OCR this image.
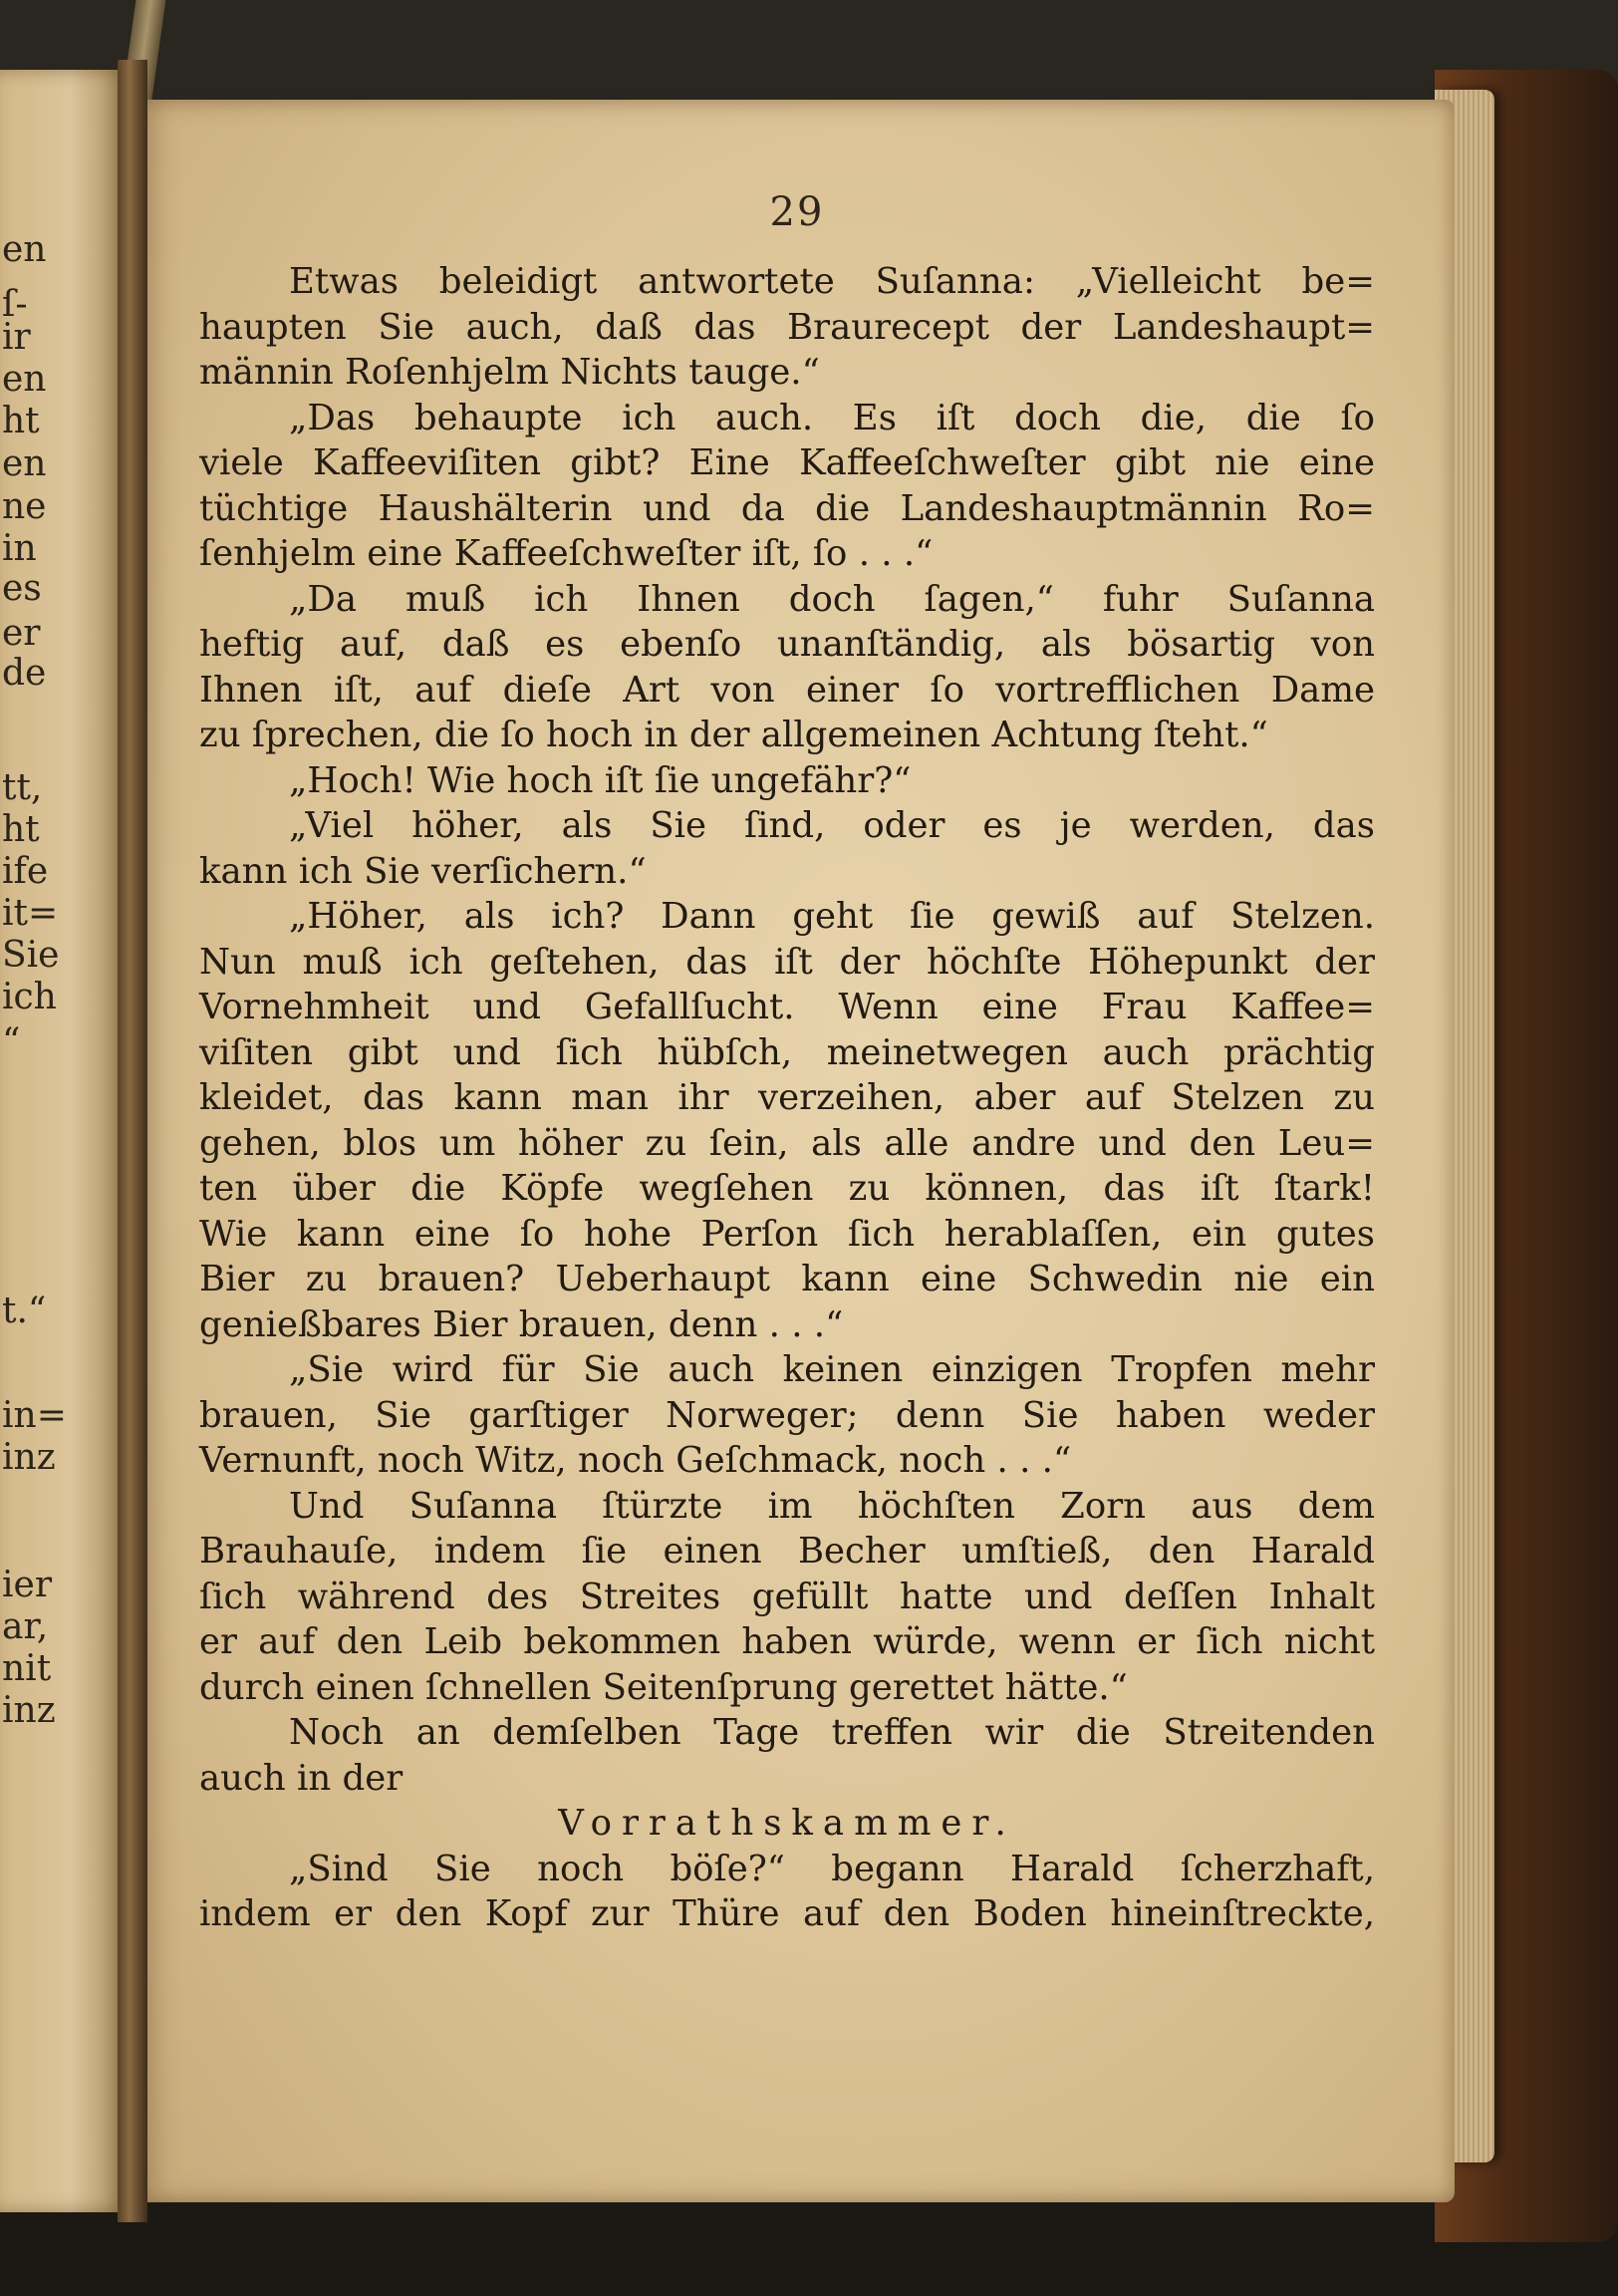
en
ſ-
ir
en
ht
en
ne
in
es
er
de
tt,
ht
ife
it=
Sie
ich
“
t.“
in=
inz
ier
ar,
nit
inz
29
Etwas beleidigt antwortete Suſanna: „Vielleicht be=
haupten Sie auch, daß das Braurecept der Landeshaupt=
männin Roſenhjelm Nichts tauge.“
„Das behaupte ich auch. Es iſt doch die, die ſo
viele Kaffeeviſiten gibt? Eine Kaffeeſchweſter gibt nie eine
tüchtige Haushälterin und da die Landeshauptmännin Ro=
ſenhjelm eine Kaffeeſchweſter iſt, ſo . . .“
„Da muß ich Ihnen doch ſagen,“ fuhr Suſanna
heftig auf, daß es ebenſo unanſtändig, als bösartig von
Ihnen iſt, auf dieſe Art von einer ſo vortrefflichen Dame
zu ſprechen, die ſo hoch in der allgemeinen Achtung ſteht.“
„Hoch! Wie hoch iſt ſie ungefähr?“
„Viel höher, als Sie ſind, oder es je werden, das
kann ich Sie verſichern.“
„Höher, als ich? Dann geht ſie gewiß auf Stelzen.
Nun muß ich geſtehen, das iſt der höchſte Höhepunkt der
Vornehmheit und Gefallſucht. Wenn eine Frau Kaffee=
viſiten gibt und ſich hübſch, meinetwegen auch prächtig
kleidet, das kann man ihr verzeihen, aber auf Stelzen zu
gehen, blos um höher zu ſein, als alle andre und den Leu=
ten über die Köpfe wegſehen zu können, das iſt ſtark!
Wie kann eine ſo hohe Perſon ſich herablaſſen, ein gutes
Bier zu brauen? Ueberhaupt kann eine Schwedin nie ein
genießbares Bier brauen, denn . . .“
„Sie wird für Sie auch keinen einzigen Tropfen mehr
brauen, Sie garſtiger Norweger; denn Sie haben weder
Vernunft, noch Witz, noch Geſchmack, noch . . .“
Und Suſanna ſtürzte im höchſten Zorn aus dem
Brauhauſe, indem ſie einen Becher umſtieß, den Harald
ſich während des Streites gefüllt hatte und deſſen Inhalt
er auf den Leib bekommen haben würde, wenn er ſich nicht
durch einen ſchnellen Seitenſprung gerettet hätte.“
Noch an demſelben Tage treffen wir die Streitenden
auch in der
Vorrathskammer.
„Sind Sie noch böſe?“ begann Harald ſcherzhaft,
indem er den Kopf zur Thüre auf den Boden hineinſtreckte,
